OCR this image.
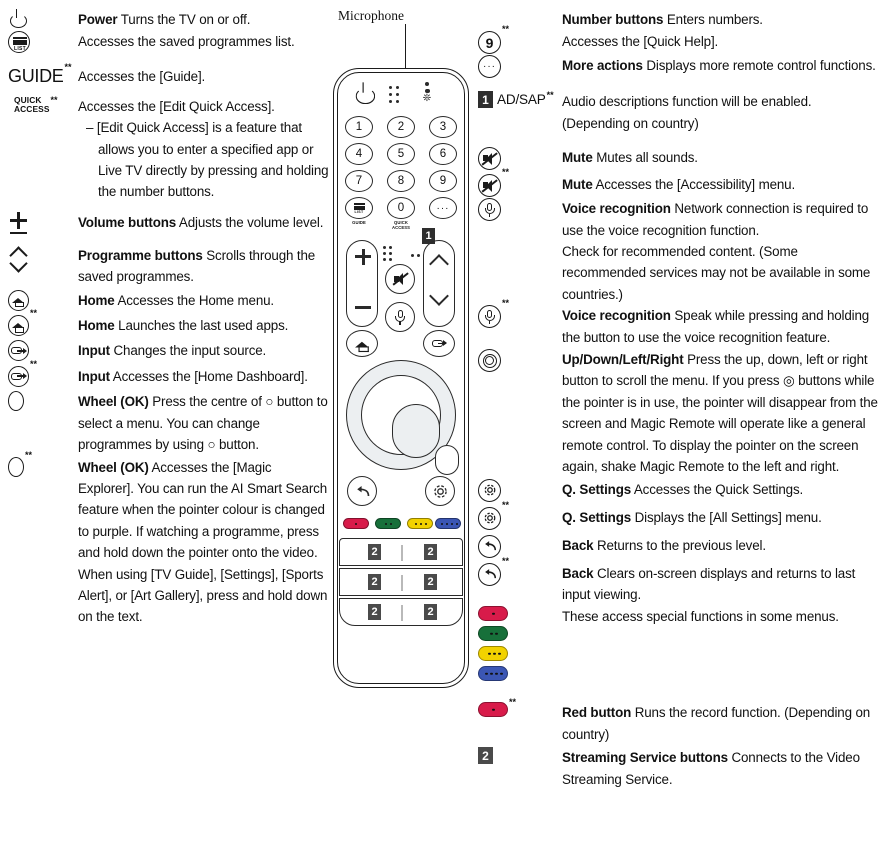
Power Turns the TV on or off.
LIST	Accesses the saved programmes list.
GUIDE **
Accesses the [Guide].
QUICK
ACCESS
** Accesses the [Edit Quick Access].
– [Edit Quick Access] is a feature that allows you to enter a specified app or Live TV directly by pressing and holding the number buttons.
Volume buttons Adjusts the volume level.
Programme buttons Scrolls through the saved programmes.
Home Accesses the Home menu.
**
Home Launches the last used apps.
Input Changes the input source.
**
Input Accesses the [Home Dashboard].
Wheel (OK) Press the centre of ○ button to select a menu. You can change programmes by using ○ button.
**
Wheel (OK) Accesses the [Magic Explorer]. You can run the AI Smart Search feature when the pointer colour is changed to purple. If watching a programme, press and hold down the pointer onto the video. When using [TV Guide], [Settings], [Sports Alert], or [Art Gallery], press and hold down on the text.
Microphone
❊
1	2	3
4	5	6
7	8	9
LIST	0	···
GUIDE	QUICK
ACCESS
1
2	2
2	2
2	2
Number buttons Enters numbers.
9
**
Accesses the [Quick Help].
···	More actions Displays more remote control functions.
1 AD/SAP ** Audio descriptions function will be enabled. (Depending on country)
Mute Mutes all sounds.
**
Mute Accesses the [Accessibility] menu.
Voice recognition Network connection is required to use the voice recognition function.
Check for recommended content. (Some recommended services may not be available in some countries.)
**
Voice recognition Speak while pressing and holding the button to use the voice recognition feature.
Up/Down/Left/Right Press the up, down, left or right button to scroll the menu. If you press ◎ buttons while the pointer is in use, the pointer will disappear from the screen and Magic Remote will operate like a general remote control. To display the pointer on the screen again, shake Magic Remote to the left and right.
Q. Settings Accesses the Quick Settings.
**
Q. Settings Displays the [All Settings] menu.
Back Returns to the previous level.
**
Back Clears on-screen displays and returns to last input viewing.
These access special functions in some menus.
**
Red button Runs the record function. (Depending on country)
2	Streaming Service buttons Connects to the Video Streaming Service.
